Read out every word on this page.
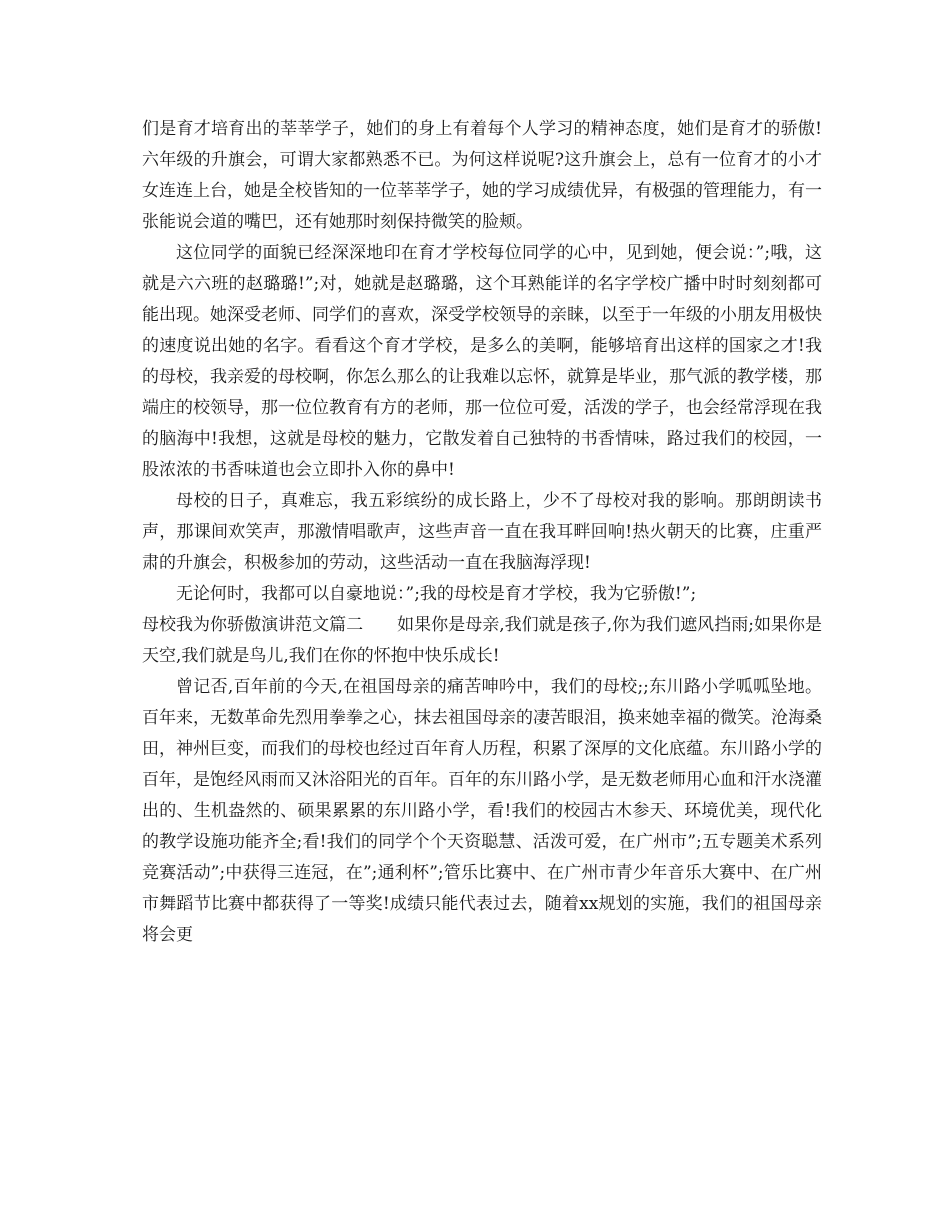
们是育才培育出的莘莘学子，她们的身上有着每个人学习的精神态度，她们是育才的骄傲!六年级的升旗会，可谓大家都熟悉不已。为何这样说呢?这升旗会上，总有一位育才的小才女连连上台，她是全校皆知的一位莘莘学子，她的学习成绩优异，有极强的管理能力，有一张能说会道的嘴巴，还有她那时刻保持微笑的脸颊。

这位同学的面貌已经深深地印在育才学校每位同学的心中，见到她，便会说：”;哦，这就是六六班的赵璐璐!”;对，她就是赵璐璐，这个耳熟能详的名字学校广播中时时刻刻都可能出现。她深受老师、同学们的喜欢，深受学校领导的亲睐，以至于一年级的小朋友用极快的速度说出她的名字。看看这个育才学校，是多么的美啊，能够培育出这样的国家之才!我的母校，我亲爱的母校啊，你怎么那么的让我难以忘怀，就算是毕业，那气派的教学楼，那端庄的校领导，那一位位教育有方的老师，那一位位可爱，活泼的学子，也会经常浮现在我的脑海中!我想，这就是母校的魅力，它散发着自己独特的书香情味，路过我们的校园，一股浓浓的书香味道也会立即扑入你的鼻中!

母校的日子，真难忘，我五彩缤纷的成长路上，少不了母校对我的影响。那朗朗读书声，那课间欢笑声，那激情唱歌声，这些声音一直在我耳畔回响!热火朝天的比赛，庄重严肃的升旗会，积极参加的劳动，这些活动一直在我脑海浮现!

无论何时，我都可以自豪地说：”;我的母校是育才学校，我为它骄傲!”;

母校我为你骄傲演讲范文篇二　　如果你是母亲,我们就是孩子,你为我们遮风挡雨;如果你是天空,我们就是鸟儿,我们在你的怀抱中快乐成长!

曾记否,百年前的今天,在祖国母亲的痛苦呻吟中，我们的母校;;东川路小学呱呱坠地。百年来，无数革命先烈用拳拳之心，抹去祖国母亲的凄苦眼泪，换来她幸福的微笑。沧海桑田，神州巨变，而我们的母校也经过百年育人历程，积累了深厚的文化底蕴。东川路小学的百年，是饱经风雨而又沐浴阳光的百年。百年的东川路小学，是无数老师用心血和汗水浇灌出的、生机盎然的、硕果累累的东川路小学，看!我们的校园古木参天、环境优美，现代化的教学设施功能齐全;看!我们的同学个个天资聪慧、活泼可爱，在广州市”;五专题美术系列竞赛活动”;中获得三连冠，在”;通利杯”;管乐比赛中、在广州市青少年音乐大赛中、在广州市舞蹈节比赛中都获得了一等奖!成绩只能代表过去，随着xx规划的实施，我们的祖国母亲将会更
